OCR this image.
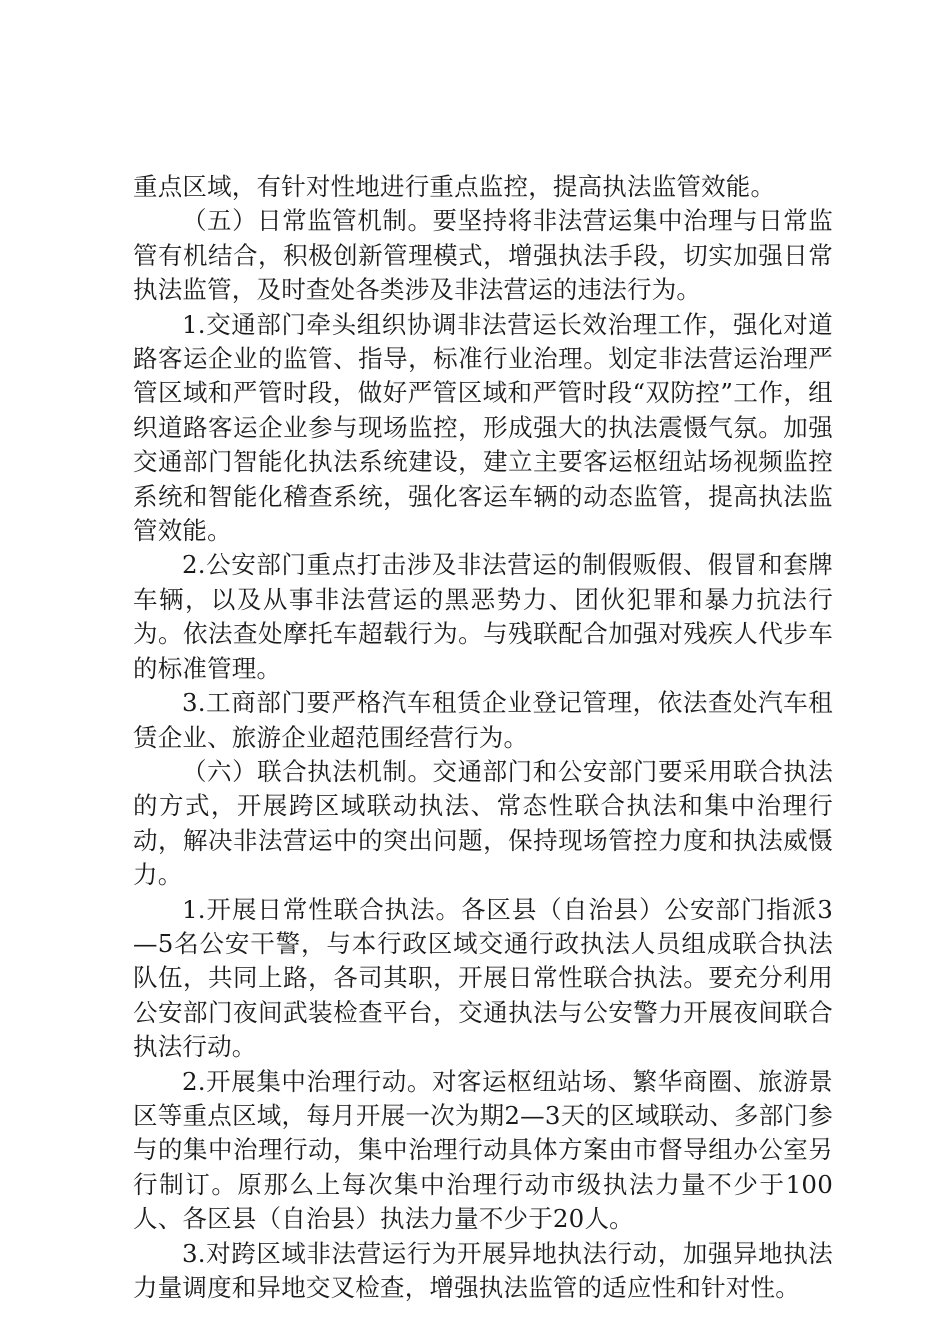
重点区域，有针对性地进行重点监控，提高执法监管效能。

（五）日常监管机制。要坚持将非法营运集中治理与日常监管有机结合，积极创新管理模式，增强执法手段，切实加强日常执法监管，及时查处各类涉及非法营运的违法行为。

1.交通部门牵头组织协调非法营运长效治理工作，强化对道路客运企业的监管、指导，标准行业治理。划定非法营运治理严管区域和严管时段，做好严管区域和严管时段“双防控”工作，组织道路客运企业参与现场监控，形成强大的执法震慑气氛。加强交通部门智能化执法系统建设，建立主要客运枢纽站场视频监控系统和智能化稽查系统，强化客运车辆的动态监管，提高执法监管效能。

2.公安部门重点打击涉及非法营运的制假贩假、假冒和套牌车辆，以及从事非法营运的黑恶势力、团伙犯罪和暴力抗法行为。依法查处摩托车超载行为。与残联配合加强对残疾人代步车的标准管理。

3.工商部门要严格汽车租赁企业登记管理，依法查处汽车租赁企业、旅游企业超范围经营行为。

（六）联合执法机制。交通部门和公安部门要采用联合执法的方式，开展跨区域联动执法、常态性联合执法和集中治理行动，解决非法营运中的突出问题，保持现场管控力度和执法威慑力。

1.开展日常性联合执法。各区县（自治县）公安部门指派3—5名公安干警，与本行政区域交通行政执法人员组成联合执法队伍，共同上路，各司其职，开展日常性联合执法。要充分利用公安部门夜间武装检查平台，交通执法与公安警力开展夜间联合执法行动。

2.开展集中治理行动。对客运枢纽站场、繁华商圈、旅游景区等重点区域，每月开展一次为期2—3天的区域联动、多部门参与的集中治理行动，集中治理行动具体方案由市督导组办公室另行制订。原那么上每次集中治理行动市级执法力量不少于100人、各区县（自治县）执法力量不少于20人。

3.对跨区域非法营运行为开展异地执法行动，加强异地执法力量调度和异地交叉检查，增强执法监管的适应性和针对性。
